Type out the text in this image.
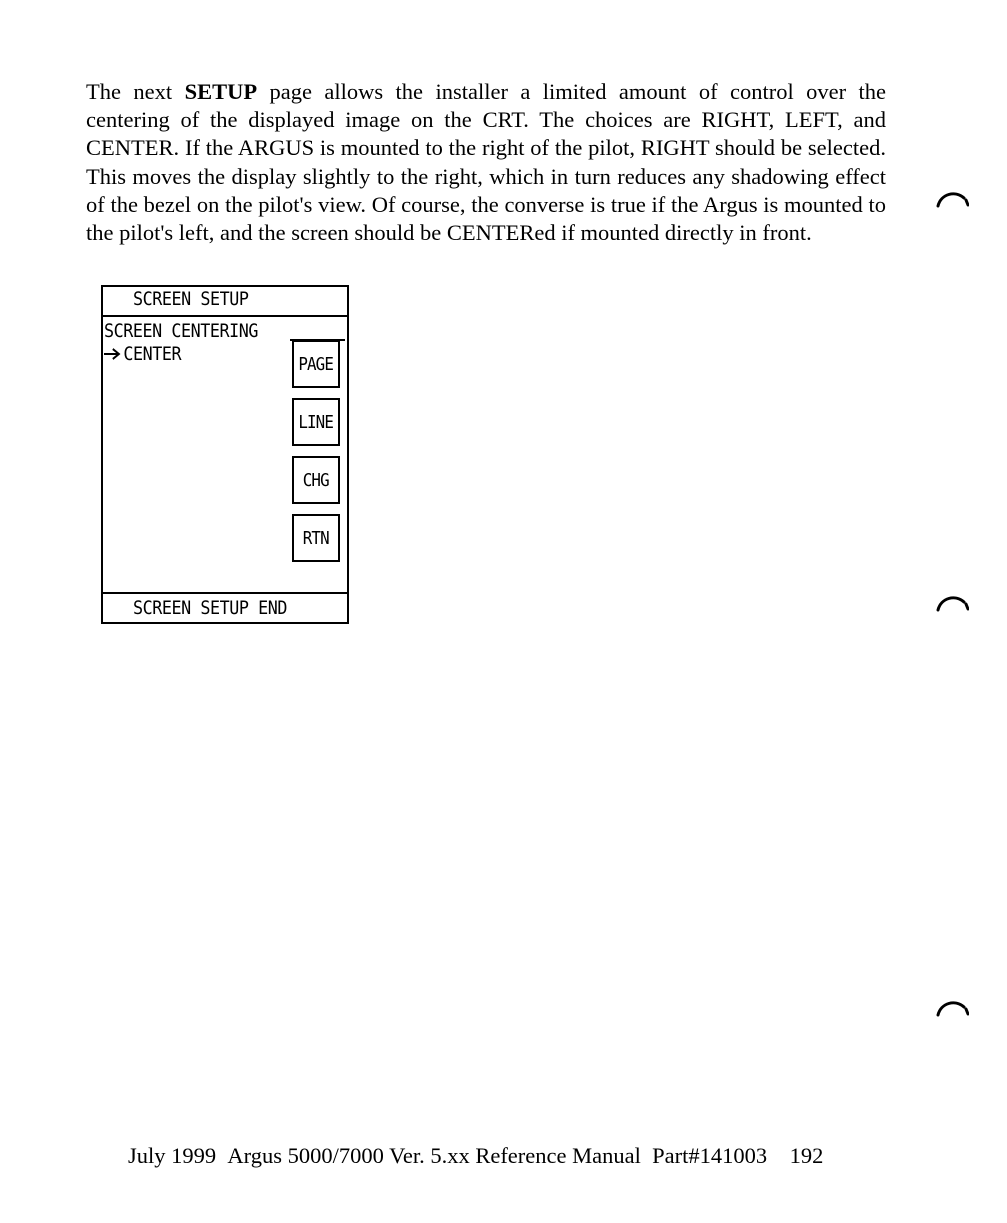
The next SETUP page allows the installer a limited amount of control over the centering of the displayed image on the CRT. The choices are RIGHT, LEFT, and CENTER. If the ARGUS is mounted to the right of the pilot, RIGHT should be selected. This moves the display slightly to the right, which in turn reduces any shadowing effect of the bezel on the pilot's view. Of course, the converse is true if the Argus is mounted to the pilot's left, and the screen should be CENTERed if mounted directly in front.

SCREEN SETUP
SCREEN CENTERING
CENTER	PAGE
LINE
CHG
RTN
SCREEN SETUP END
July 1999 Argus 5000/7000 Ver. 5.xx Reference Manual Part#141003 192
